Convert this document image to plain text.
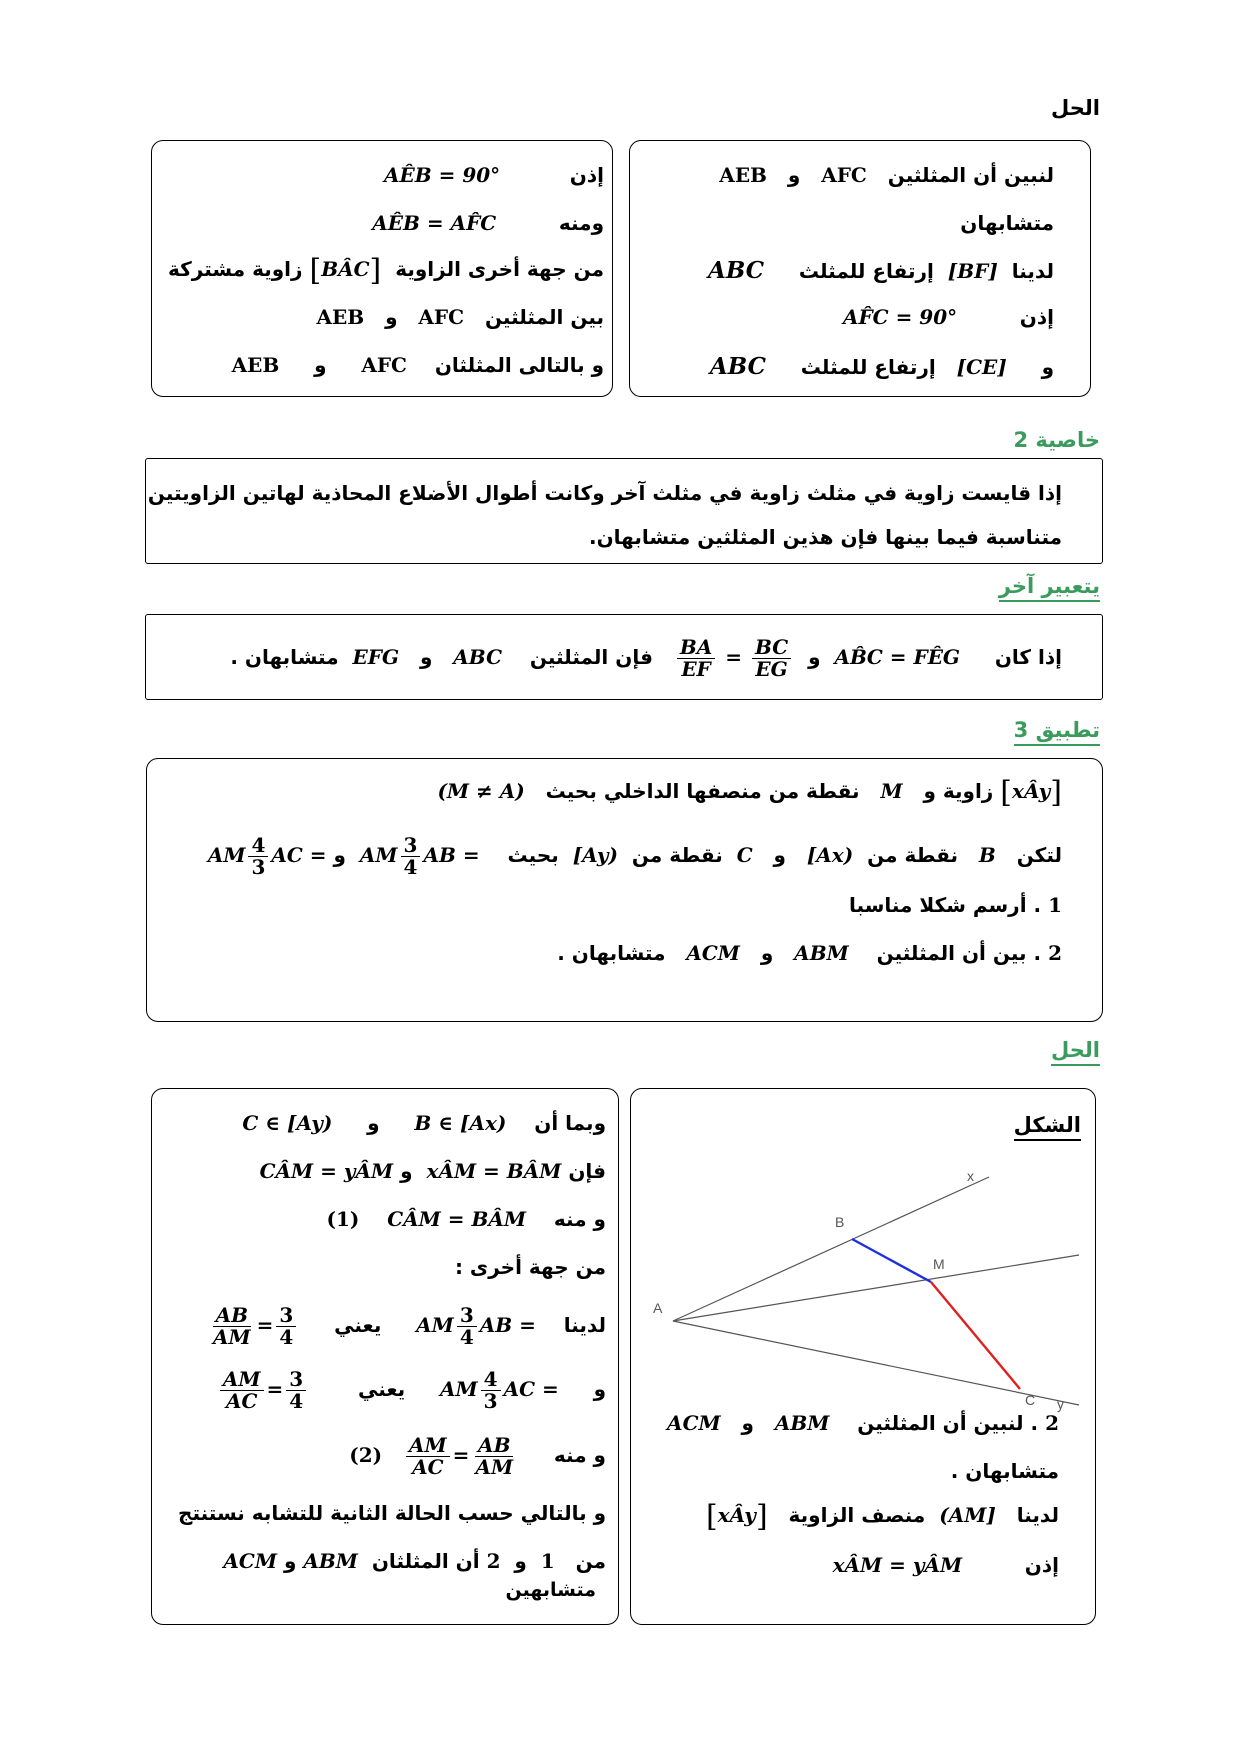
الحل
لنبين أن المثلثين   AFC   و   AEB
متشابهان
لدينا  [BF]  إرتفاع للمثلث     ABC
إذن         AF̂C = 90°
و     [CE]   إرتفاع للمثلث     ABC
إذن          AÊB = 90°
ومنه         AÊB = AF̂C
من جهة أخرى الزاوية  [BÂC] زاوية مشتركة
بين المثلثين   AFC   و   AEB
و بالتالى المثلثان    AFC     و     AEB
خاصية 2
إذا قايست زاوية في مثلث زاوية في مثلث آخر وكانت أطوال الأضلاع المحاذية لهاتين الزاويتين
متناسبة فيما بينها فإن هذين المثلثين متشابهان.
يتعبير آخر
إذا كان     AB̂C = FÊG  و
$\frac{BC}{EG}$
=
$\frac{BA}{EF}$
فإن المثلثين    ABC   و   EFG  متشابهان .
تطبيق 3
[xÂy] زاوية و   M   نقطة من منصفها الداخلي بحيث   (M ≠ A)
لتكن   B   نقطة من  [Ax)   و   C  نقطة من  [Ay)  بحيث    AB =
$\frac{3}{4}$
AM  و AC =
$\frac{4}{3}$
AM
1 . أرسم شكلا مناسبا
2 . بين أن المثلثين    ABM   و   ACM   متشابهان .
الحل
الشكل
x
B
M
A
C y
2 . لنبين أن المثلثين    ABM   و   ACM
متشابهان .
لدينا   (AM]  منصف الزاوية   [xÂy]
إذن         xÂM = yÂM
وبما أن    B ∈ [Ax)     و     C ∈ [Ay)
فإن xÂM = BÂM  و CÂM = yÂM
و منه    CÂM = BÂM    (1)
من جهة أخرى :
لدينا    AB =
$\frac{3}{4}$
AM     يعني
$\frac{3}{4}$
=
$\frac{AB}{AM}$
و     AC =
$\frac{4}{3}$
AM     يعني
$\frac{3}{4}$
=
$\frac{AM}{AC}$
و منه
$\frac{AB}{AM}$
=
$\frac{AM}{AC}$
(2)
و بالتالي حسب الحالة الثانية للتشابه نستنتج
من   1  و  2 أن المثلثان  ABM و ACM
متشابهين
